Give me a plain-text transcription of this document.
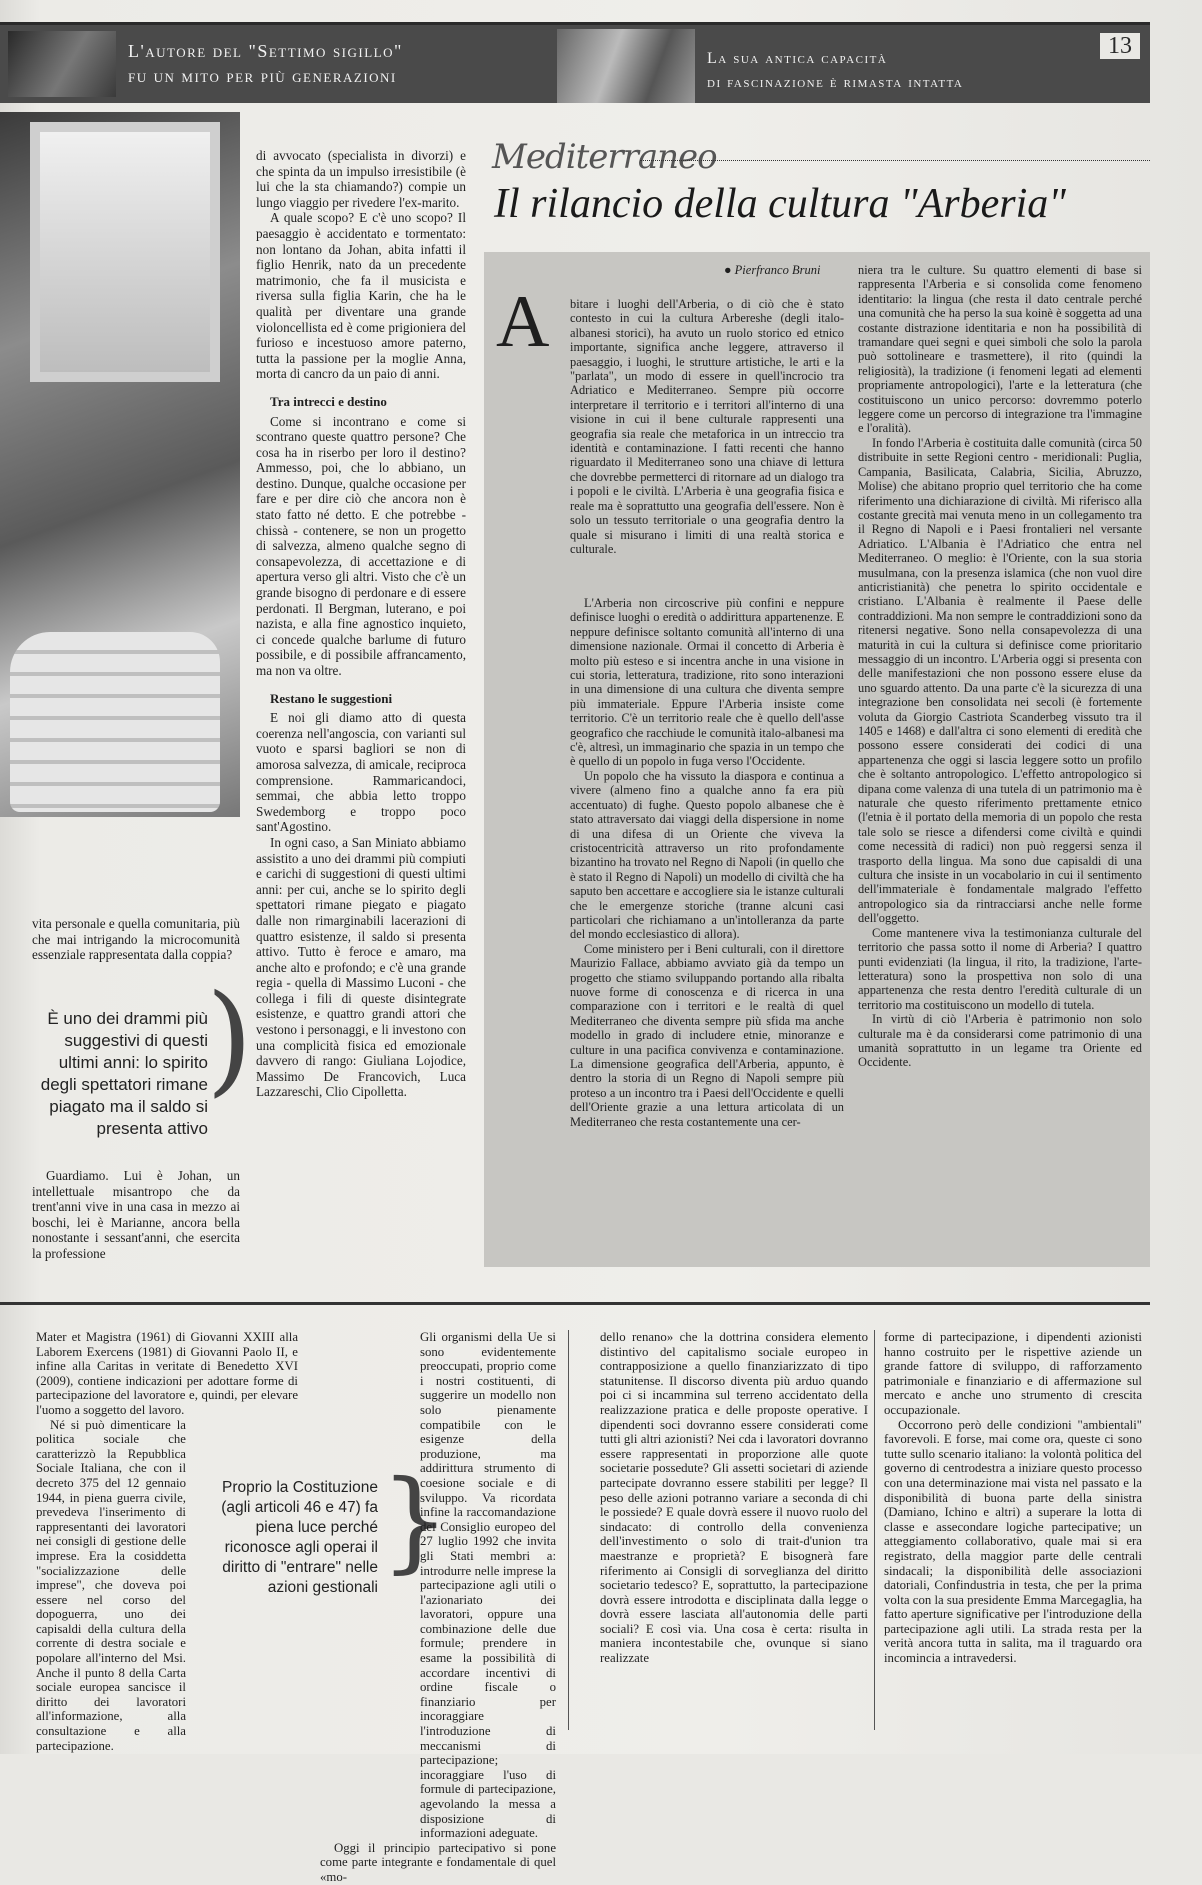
L'autore del "Settimo sigillo"
fu un mito per più generazioni
La sua antica capacità
di fascinazione è rimasta intatta
13

vita personale e quella comunitaria, più che mai intrigando la microcomunità essenziale rappresentata dalla coppia?

È uno dei drammi più suggestivi di questi ultimi anni: lo spirito degli spettatori rimane piagato ma il saldo si presenta attivo
)

Guardiamo. Lui è Johan, un intellettuale misantropo che da trent'anni vive in una casa in mezzo ai boschi, lei è Marianne, ancora bella nonostante i sessant'anni, che esercita la professione

di avvocato (specialista in divorzi) e che spinta da un impulso irresistibile (è lui che la sta chiamando?) compie un lungo viaggio per rivedere l'ex-marito.

A quale scopo? E c'è uno scopo? Il paesaggio è accidentato e tormentato: non lontano da Johan, abita infatti il figlio Henrik, nato da un precedente matrimonio, che fa il musicista e riversa sulla figlia Karin, che ha le qualità per diventare una grande violoncellista ed è come prigioniera del furioso e incestuoso amore paterno, tutta la passione per la moglie Anna, morta di cancro da un paio di anni.

Tra intrecci e destino

Come si incontrano e come si scontrano queste quattro persone? Che cosa ha in riserbo per loro il destino? Ammesso, poi, che lo abbiano, un destino. Dunque, qualche occasione per fare e per dire ciò che ancora non è stato fatto né detto. E che potrebbe - chissà - contenere, se non un progetto di salvezza, almeno qualche segno di consapevolezza, di accettazione e di apertura verso gli altri. Visto che c'è un grande bisogno di perdonare e di essere perdonati. Il Bergman, luterano, e poi nazista, e alla fine agnostico inquieto, ci concede qualche barlume di futuro possibile, e di possibile affrancamento, ma non va oltre.

Restano le suggestioni

E noi gli diamo atto di questa coerenza nell'angoscia, con varianti sul vuoto e sparsi bagliori se non di amorosa salvezza, di amicale, reciproca comprensione. Rammaricandoci, semmai, che abbia letto troppo Swedemborg e troppo poco sant'Agostino.

In ogni caso, a San Miniato abbiamo assistito a uno dei drammi più compiuti e carichi di suggestioni di questi ultimi anni: per cui, anche se lo spirito degli spettatori rimane piegato e piagato dalle non rimarginabili lacerazioni di quattro esistenze, il saldo si presenta attivo. Tutto è feroce e amaro, ma anche alto e profondo; e c'è una grande regia - quella di Massimo Luconi - che collega i fili di queste disintegrate esistenze, e quattro grandi attori che vestono i personaggi, e li investono con una complicità fisica ed emozionale davvero di rango: Giuliana Lojodice, Massimo De Francovich, Luca Lazzareschi, Clio Cipolletta.

Mediterraneo
Il rilancio della cultura "Arberia"
● Pierfranco Bruni
A bitare i luoghi dell'Arberia, o di ciò che è stato contesto in cui la cultura Arbereshe (degli italo-albanesi storici), ha avuto un ruolo storico ed etnico importante, significa anche leggere, attraverso il paesaggio, i luoghi, le strutture artistiche, le arti e la "parlata", un modo di essere in quell'incrocio tra Adriatico e Mediterraneo. Sempre più occorre interpretare il territorio e i territori all'interno di una visione in cui il bene culturale rappresenti una geografia sia reale che metaforica in un intreccio tra identità e contaminazione. I fatti recenti che hanno riguardato il Mediterraneo sono una chiave di lettura che dovrebbe permetterci di ritornare ad un dialogo tra i popoli e le civiltà. L'Arberia è una geografia fisica e reale ma è soprattutto una geografia dell'essere. Non è solo un tessuto territoriale o una geografia dentro la quale si misurano i limiti di una realtà storica e culturale.

L'Arberia non circoscrive più confini e neppure definisce luoghi o eredità o addirittura appartenenze. E neppure definisce soltanto comunità all'interno di una dimensione nazionale. Ormai il concetto di Arberia è molto più esteso e si incentra anche in una visione in cui storia, letteratura, tradizione, rito sono interazioni in una dimensione di una cultura che diventa sempre più immateriale. Eppure l'Arberia insiste come territorio. C'è un territorio reale che è quello dell'asse geografico che racchiude le comunità italo-albanesi ma c'è, altresì, un immaginario che spazia in un tempo che è quello di un popolo in fuga verso l'Occidente.

Un popolo che ha vissuto la diaspora e continua a vivere (almeno fino a qualche anno fa era più accentuato) di fughe. Questo popolo albanese che è stato attraversato dai viaggi della dispersione in nome di una difesa di un Oriente che viveva la cristocentricità attraverso un rito profondamente bizantino ha trovato nel Regno di Napoli (in quello che è stato il Regno di Napoli) un modello di civiltà che ha saputo ben accettare e accogliere sia le istanze culturali che le emergenze storiche (tranne alcuni casi particolari che richiamano a un'intolleranza da parte del mondo ecclesiastico di allora).

Come ministero per i Beni culturali, con il direttore Maurizio Fallace, abbiamo avviato già da tempo un progetto che stiamo sviluppando portando alla ribalta nuove forme di conoscenza e di ricerca in una comparazione con i territori e le realtà di quel Mediterraneo che diventa sempre più sfida ma anche modello in grado di includere etnie, minoranze e culture in una pacifica convivenza e contaminazione. La dimensione geografica dell'Arberia, appunto, è dentro la storia di un Regno di Napoli sempre più proteso a un incontro tra i Paesi dell'Occidente e quelli dell'Oriente grazie a una lettura articolata di un Mediterraneo che resta costantemente una cer-

niera tra le culture. Su quattro elementi di base si rappresenta l'Arberia e si consolida come fenomeno identitario: la lingua (che resta il dato centrale perché una comunità che ha perso la sua koinè è soggetta ad una costante distrazione identitaria e non ha possibilità di tramandare quei segni e quei simboli che solo la parola può sottolineare e trasmettere), il rito (quindi la religiosità), la tradizione (i fenomeni legati ad elementi propriamente antropologici), l'arte e la letteratura (che costituiscono un unico percorso: dovremmo poterlo leggere come un percorso di integrazione tra l'immagine e l'oralità).

In fondo l'Arberia è costituita dalle comunità (circa 50 distribuite in sette Regioni centro - meridionali: Puglia, Campania, Basilicata, Calabria, Sicilia, Abruzzo, Molise) che abitano proprio quel territorio che ha come riferimento una dichiarazione di civiltà. Mi riferisco alla costante grecità mai venuta meno in un collegamento tra il Regno di Napoli e i Paesi frontalieri nel versante Adriatico. L'Albania è l'Adriatico che entra nel Mediterraneo. O meglio: è l'Oriente, con la sua storia musulmana, con la presenza islamica (che non vuol dire anticristianità) che penetra lo spirito occidentale e cristiano. L'Albania è realmente il Paese delle contraddizioni. Ma non sempre le contraddizioni sono da ritenersi negative. Sono nella consapevolezza di una maturità in cui la cultura si definisce come prioritario messaggio di un incontro. L'Arberia oggi si presenta con delle manifestazioni che non possono essere eluse da uno sguardo attento. Da una parte c'è la sicurezza di una integrazione ben consolidata nei secoli (è fortemente voluta da Giorgio Castriota Scanderbeg vissuto tra il 1405 e 1468) e dall'altra ci sono elementi di eredità che possono essere considerati dei codici di una appartenenza che oggi si lascia leggere sotto un profilo che è soltanto antropologico. L'effetto antropologico si dipana come valenza di una tutela di un patrimonio ma è naturale che questo riferimento prettamente etnico (l'etnia è il portato della memoria di un popolo che resta tale solo se riesce a difendersi come civiltà e quindi come necessità di radici) non può reggersi senza il trasporto della lingua. Ma sono due capisaldi di una cultura che insiste in un vocabolario in cui il sentimento dell'immateriale è fondamentale malgrado l'effetto antropologico sia da rintracciarsi anche nelle forme dell'oggetto.

Come mantenere viva la testimonianza culturale del territorio che passa sotto il nome di Arberia? I quattro punti evidenziati (la lingua, il rito, la tradizione, l'arte-letteratura) sono la prospettiva non solo di una appartenenza che resta dentro l'eredità culturale di un territorio ma costituiscono un modello di tutela.

In virtù di ciò l'Arberia è patrimonio non solo culturale ma è da considerarsi come patrimonio di una umanità soprattutto in un legame tra Oriente ed Occidente.

Mater et Magistra (1961) di Giovanni XXIII alla Laborem Exercens (1981) di Giovanni Paolo II, e infine alla Caritas in veritate di Benedetto XVI (2009), contiene indicazioni per adottare forme di partecipazione del lavoratore e, quindi, per elevare l'uomo a soggetto del lavoro.

Né si può dimenticare la politica sociale che caratterizzò la Repubblica Sociale Italiana, che con il decreto 375 del 12 gennaio 1944, in piena guerra civile, prevedeva l'inserimento di rappresentanti dei lavoratori nei consigli di gestione delle imprese. Era la cosiddetta "socializzazione delle imprese", che doveva poi essere nel corso del dopoguerra, uno dei capisaldi della cultura della corrente di destra sociale e popolare all'interno del Msi. Anche il punto 8 della Carta sociale europea sancisce il diritto dei lavoratori all'informazione, alla consultazione e alla partecipazione.

Proprio la Costituzione (agli articoli 46 e 47) fa piena luce perché riconosce agli operai il diritto di "entrare" nelle azioni gestionali
}

Gli organismi della Ue si sono evidentemente preoccupati, proprio come i nostri costituenti, di suggerire un modello non solo pienamente compatibile con le esigenze della produzione, ma addirittura strumento di coesione sociale e di sviluppo. Va ricordata infine la raccomandazione del Consiglio europeo del 27 luglio 1992 che invita gli Stati membri a: introdurre nelle imprese la partecipazione agli utili o l'azionariato dei lavoratori, oppure una combinazione delle due formule; prendere in esame la possibilità di accordare incentivi di ordine fiscale o finanziario per incoraggiare l'introduzione di meccanismi di partecipazione; incoraggiare l'uso di formule di partecipazione, agevolando la messa a disposizione di informazioni adeguate.

Oggi il principio partecipativo si pone come parte integrante e fondamentale di quel «mo-

dello renano» che la dottrina considera elemento distintivo del capitalismo sociale europeo in contrapposizione a quello finanziarizzato di tipo statunitense. Il discorso diventa più arduo quando poi ci si incammina sul terreno accidentato della realizzazione pratica e delle proposte operative. I dipendenti soci dovranno essere considerati come tutti gli altri azionisti? Nei cda i lavoratori dovranno essere rappresentati in proporzione alle quote societarie possedute? Gli assetti societari di aziende partecipate dovranno essere stabiliti per legge? Il peso delle azioni potranno variare a seconda di chi le possiede? E quale dovrà essere il nuovo ruolo del sindacato: di controllo della convenienza dell'investimento o solo di trait-d'union tra maestranze e proprietà? E bisognerà fare riferimento ai Consigli di sorveglianza del diritto societario tedesco? E, soprattutto, la partecipazione dovrà essere introdotta e disciplinata dalla legge o dovrà essere lasciata all'autonomia delle parti sociali? E così via. Una cosa è certa: risulta in maniera incontestabile che, ovunque si siano realizzate

forme di partecipazione, i dipendenti azionisti hanno costruito per le rispettive aziende un grande fattore di sviluppo, di rafforzamento patrimoniale e finanziario e di affermazione sul mercato e anche uno strumento di crescita occupazionale.

Occorrono però delle condizioni "ambientali" favorevoli. E forse, mai come ora, queste ci sono tutte sullo scenario italiano: la volontà politica del governo di centrodestra a iniziare questo processo con una determinazione mai vista nel passato e la disponibilità di buona parte della sinistra (Damiano, Ichino e altri) a superare la lotta di classe e assecondare logiche partecipative; un atteggiamento collaborativo, quale mai si era registrato, della maggior parte delle centrali sindacali; la disponibilità delle associazioni datoriali, Confindustria in testa, che per la prima volta con la sua presidente Emma Marcegaglia, ha fatto aperture significative per l'introduzione della partecipazione agli utili. La strada resta per la verità ancora tutta in salita, ma il traguardo ora incomincia a intravedersi.
